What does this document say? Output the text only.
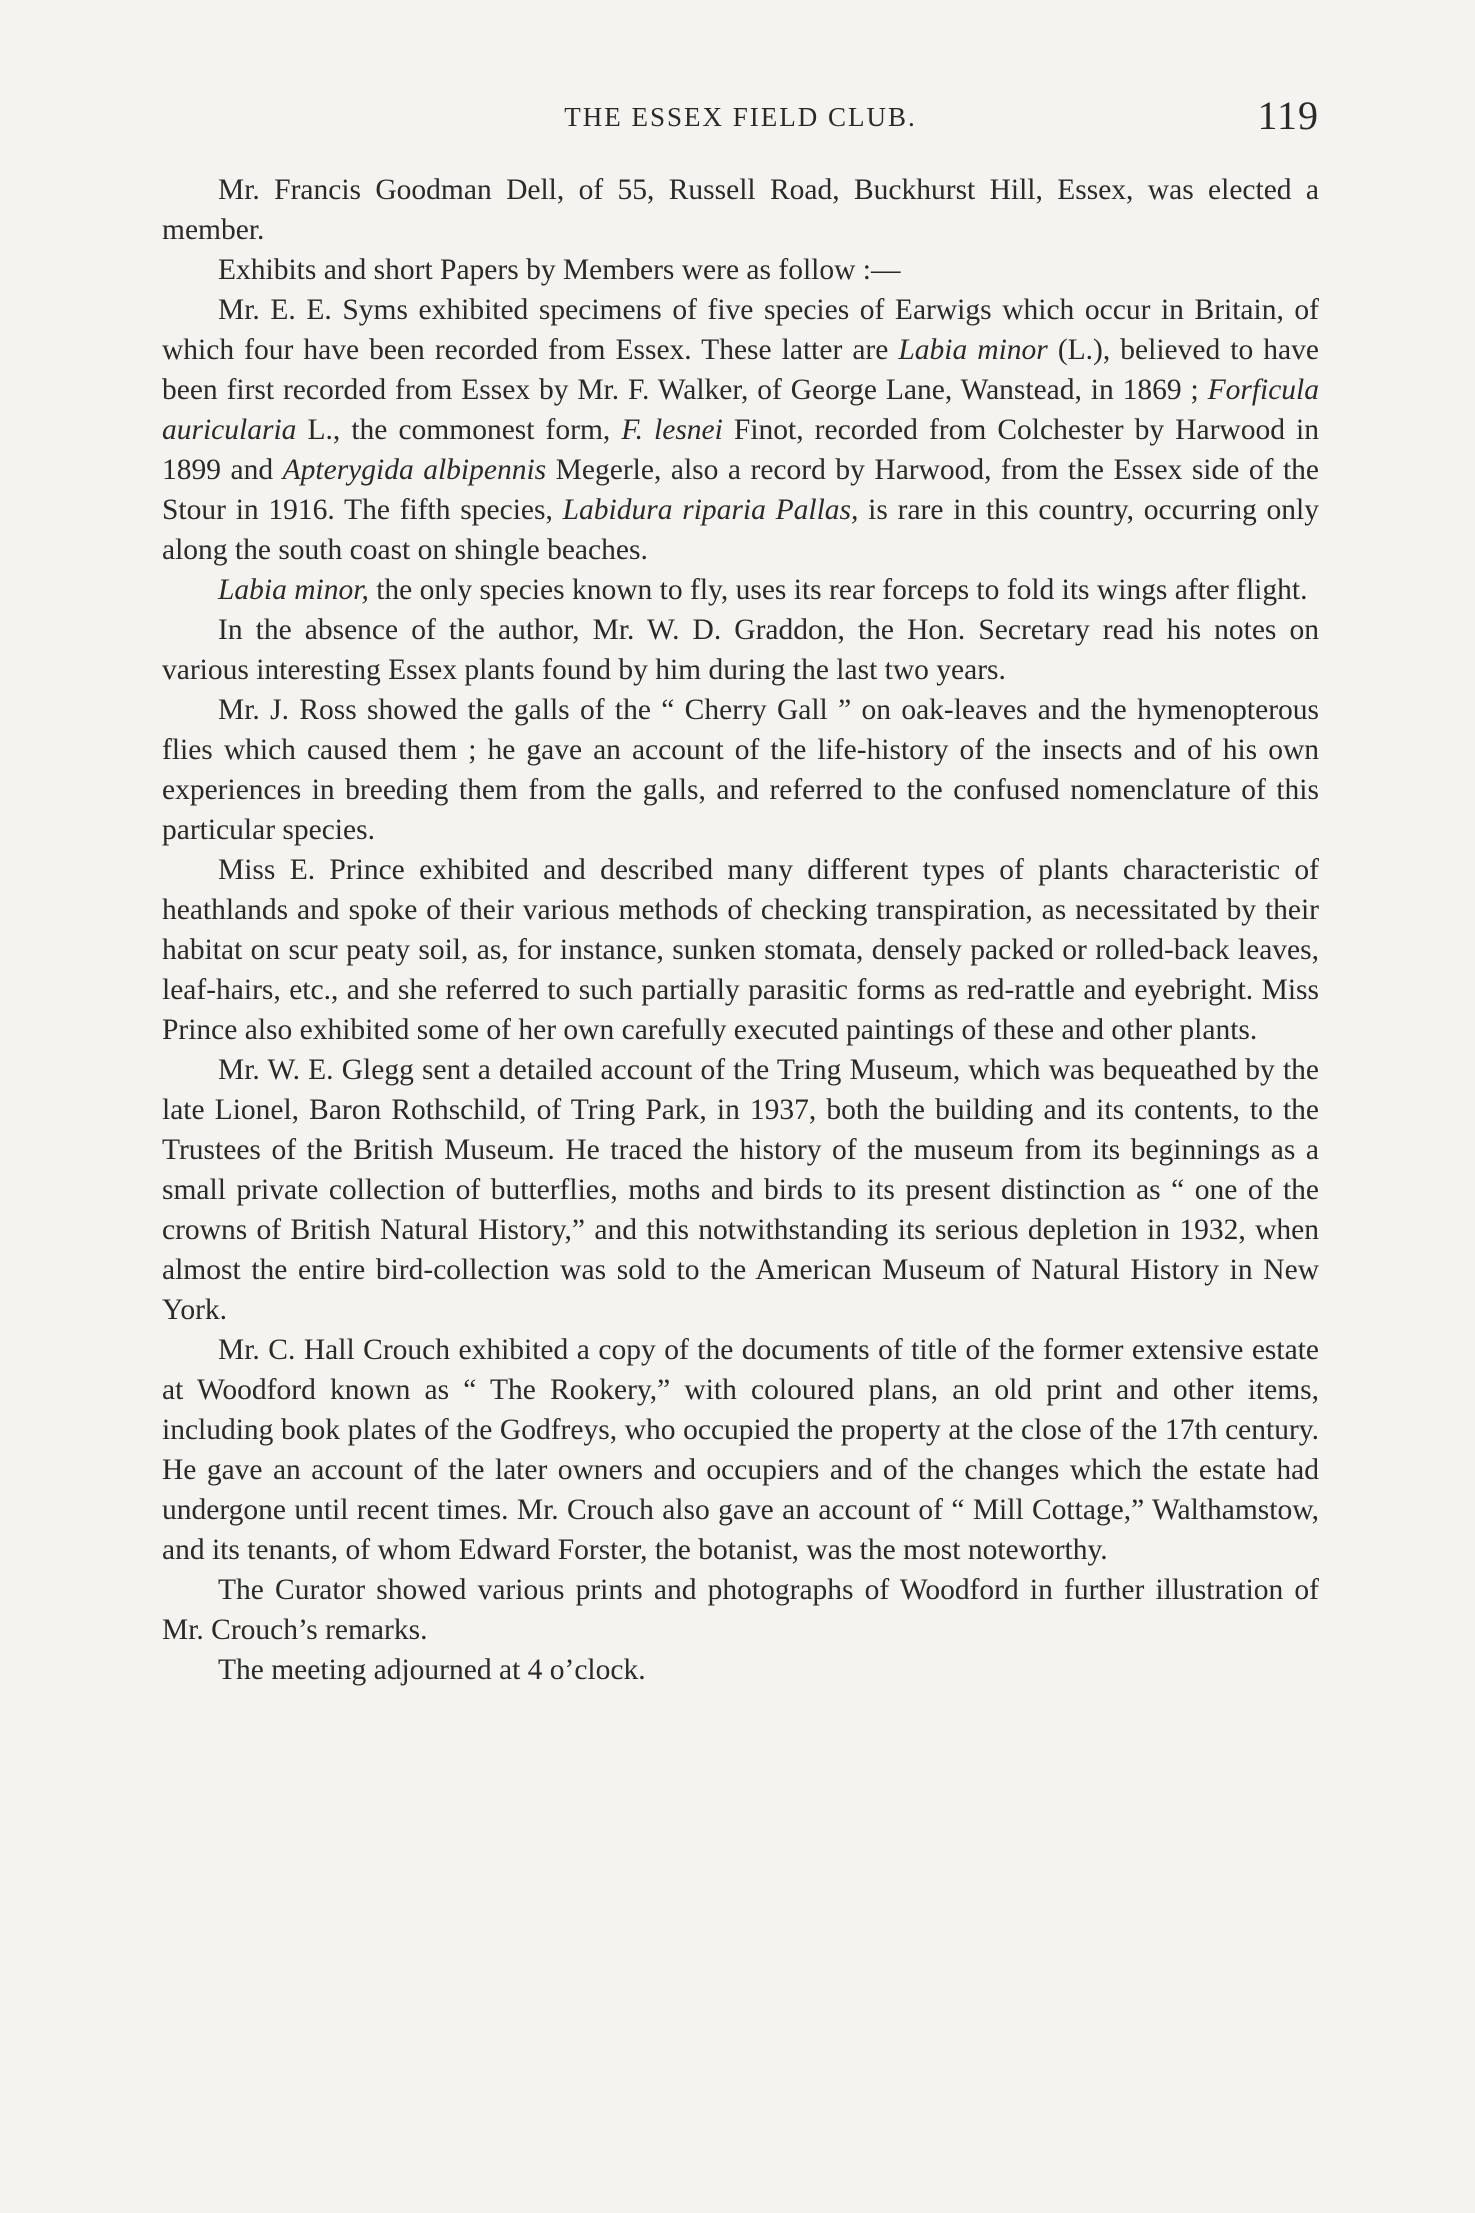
THE ESSEX FIELD CLUB.	119

Mr. Francis Goodman Dell, of 55, Russell Road, Buckhurst Hill, Essex, was elected a member.

Exhibits and short Papers by Members were as follow :—

Mr. E. E. Syms exhibited specimens of five species of Earwigs which occur in Britain, of which four have been recorded from Essex. These latter are Labia minor (L.), believed to have been first recorded from Essex by Mr. F. Walker, of George Lane, Wanstead, in 1869 ; Forficula auricularia L., the commonest form, F. lesnei Finot, recorded from Colchester by Harwood in 1899 and Apterygida albipennis Megerle, also a record by Harwood, from the Essex side of the Stour in 1916. The fifth species, Labidura riparia Pallas, is rare in this country, occurring only along the south coast on shingle beaches.

Labia minor, the only species known to fly, uses its rear forceps to fold its wings after flight.

In the absence of the author, Mr. W. D. Graddon, the Hon. Secretary read his notes on various interesting Essex plants found by him during the last two years.

Mr. J. Ross showed the galls of the “ Cherry Gall ” on oak-leaves and the hymenopterous flies which caused them ; he gave an account of the life-history of the insects and of his own experiences in breeding them from the galls, and referred to the confused nomenclature of this particular species.

Miss E. Prince exhibited and described many different types of plants characteristic of heathlands and spoke of their various methods of checking transpiration, as necessitated by their habitat on scur peaty soil, as, for instance, sunken stomata, densely packed or rolled-back leaves, leaf-hairs, etc., and she referred to such partially parasitic forms as red-rattle and eyebright. Miss Prince also exhibited some of her own carefully executed paintings of these and other plants.

Mr. W. E. Glegg sent a detailed account of the Tring Museum, which was bequeathed by the late Lionel, Baron Rothschild, of Tring Park, in 1937, both the building and its contents, to the Trustees of the British Museum. He traced the history of the museum from its beginnings as a small private collection of butterflies, moths and birds to its present distinction as “ one of the crowns of British Natural History,” and this notwithstanding its serious depletion in 1932, when almost the entire bird-collection was sold to the American Museum of Natural History in New York.

Mr. C. Hall Crouch exhibited a copy of the documents of title of the former extensive estate at Woodford known as “ The Rookery,” with coloured plans, an old print and other items, including book plates of the Godfreys, who occupied the property at the close of the 17th century. He gave an account of the later owners and occupiers and of the changes which the estate had undergone until recent times. Mr. Crouch also gave an account of “ Mill Cottage,” Walthamstow, and its tenants, of whom Edward Forster, the botanist, was the most noteworthy.

The Curator showed various prints and photographs of Woodford in further illustration of Mr. Crouch’s remarks.

The meeting adjourned at 4 o’clock.
